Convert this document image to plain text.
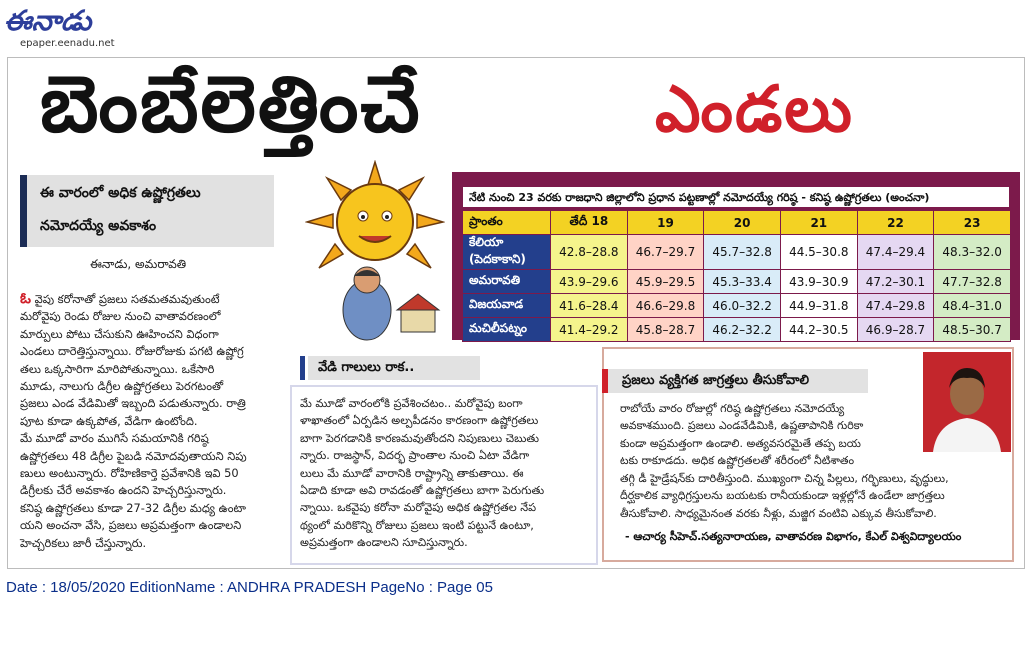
ఈనాడు
epaper.eenadu.net
బెంబేలెత్తించే	ఎండలు
ఈ వారంలో అధిక ఉష్ణోగ్రతలు
నమోదయ్యే అవకాశం
ఈనాడు, అమరావతి
ఓ వైపు కరోనాతో ప్రజలు సతమతమవుతుంటే
మరోవైపు రెండు రోజుల నుంచి వాతావరణంలో
మార్పులు పోటు చేసుకుని ఊహించని విధంగా
ఎండలు దారెత్తిస్తున్నాయి. రోజురోజుకు పగటి ఉష్ణోగ్ర
తలు ఒక్కసారిగా మారిపోతున్నాయి. ఒకేసారి
మూడు, నాలుగు డిగ్రీల ఉష్ణోగ్రతలు పెరగటంతో
ప్రజలు ఎండ వేడిమితో ఇబ్బంది పడుతున్నారు. రాత్రి
పూట కూడా ఉక్కపోత, వేడిగా ఉంటోంది.
మే మూడో వారం ముగిసే సమయానికి గరిష్ఠ
ఉష్ణోగ్రతలు 48 డిగ్రీల పైబడి నమోదవుతాయని నిపు
ణులు అంటున్నారు. రోహిణికార్తె ప్రవేశానికి ఇవి 50
డిగ్రీలకు చేరే అవకాశం ఉందని హెచ్చరిస్తున్నారు.
కనిష్ఠ ఉష్ణోగ్రతలు కూడా 27-32 డిగ్రీల మధ్య ఉంటా
యని అంచనా వేసి, ప్రజలు అప్రమత్తంగా ఉండాలని
హెచ్చరికలు జారీ చేస్తున్నారు.
నేటి నుంచి 23 వరకు రాజధాని జిల్లాలోని ప్రధాన పట్టణాల్లో నమోదయ్యే గరిష్ఠ - కనిష్ఠ ఉష్ణోగ్రతలు (అంచనా)
ప్రాంతం	తేదీ 18	19	20	21	22	23
కేలియా (పెదకాకాని)	42.8–28.8	46.7–29.7	45.7–32.8	44.5–30.8	47.4–29.4	48.3–32.0
అమరావతి	43.9–29.6	45.9–29.5	45.3–33.4	43.9–30.9	47.2–30.1	47.7–32.8
విజయవాడ	41.6–28.4	46.6–29.8	46.0–32.2	44.9–31.8	47.4–29.8	48.4–31.0
మచిలీపట్నం	41.4–29.2	45.8–28.7	46.2–32.2	44.2–30.5	46.9–28.7	48.5–30.7
వేడి గాలులు రాక..
మే మూడో వారంలోకి ప్రవేశించటం.. మరోవైపు బంగా
ళాఖాతంలో ఏర్పడిన అల్పపీడనం కారణంగా ఉష్ణోగ్రతలు
బాగా పెరగడానికి కారణమవుతోందని నిపుణులు చెబుతు
న్నారు. రాజస్థాన్, విదర్భ ప్రాంతాల నుంచి ఏటా వేడిగా
లులు మే మూడో వారానికి రాష్ట్రాన్ని తాకుతాయి. ఈ
ఏడాది కూడా అవి రావడంతో ఉష్ణోగ్రతలు బాగా పెరుగుతు
న్నాయి. ఒకవైపు కరోనా మరోవైపు అధిక ఉష్ణోగ్రతల నేప
థ్యంలో మరికొన్ని రోజులు ప్రజలు ఇంటి పట్టునే ఉంటూ,
అప్రమత్తంగా ఉండాలని సూచిస్తున్నారు.
ప్రజలు వ్యక్తిగత జాగ్రత్తలు తీసుకోవాలి
రాబోయే వారం రోజుల్లో గరిష్ఠ ఉష్ణోగ్రతలు నమోదయ్యే
అవకాశముంది. ప్రజలు ఎండవేడిమికి, ఉష్ణతాపానికి గురికా
కుండా అప్రమత్తంగా ఉండాలి. అత్యవసరమైతే తప్ప బయ
టకు రాకూడదు. అధిక ఉష్ణోగ్రతలతో శరీరంలో నీటిశాతం
తగ్గి డీ హైడ్రేషన్‌కు దారితీస్తుంది. ముఖ్యంగా చిన్న పిల్లలు, గర్భిణులు, వృద్ధులు,
దీర్ఘకాలిక వ్యాధిగ్రస్తులను బయటకు రానీయకుండా ఇళ్లల్లోనే ఉండేలా జాగ్రత్తలు
తీసుకోవాలి. సాధ్యమైనంత వరకు నీళ్లు, మజ్జిగ వంటివి ఎక్కువ తీసుకోవాలి.
- ఆచార్య సీహెచ్‌.సత్యనారాయణ, వాతావరణ విభాగం, కేఎల్‌ విశ్వవిద్యాలయం
Date : 18/05/2020 EditionName : ANDHRA PRADESH PageNo : Page 05
